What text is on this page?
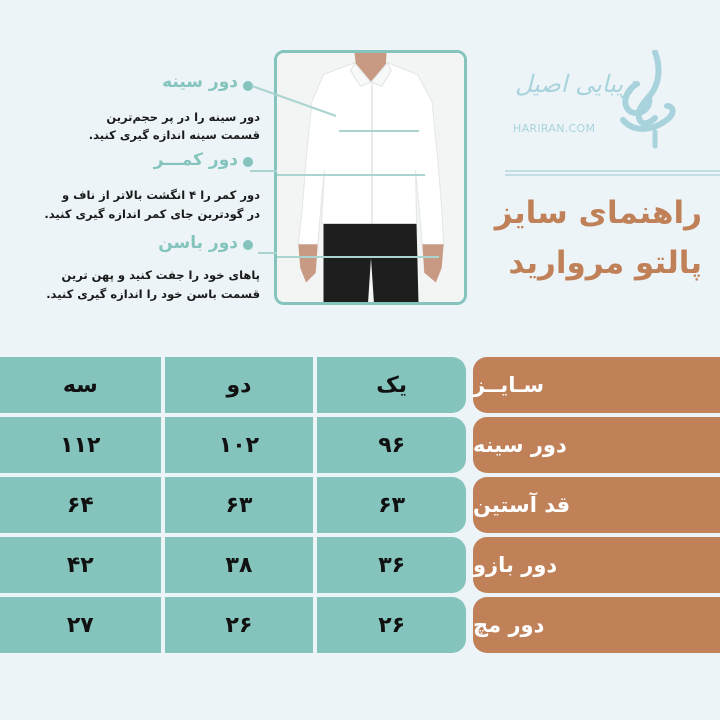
دور سینه
دور سینه را در پر حجم‌ترین
قسمت سینه اندازه گیری کنید.
دور کمـــر
دور کمر را ۴ انگشت بالاتر از ناف و
در گودترین جای کمر اندازه گیری کنید.
دور باسن
پاهای خود را جفت کنید و پهن ترین
قسمت باسن خود را اندازه گیری کنید.
زیبایی اصیل
HARIRAN.COM
راهنمای سایز
پالتو مروارید
سه	دو	یک	سـایــز
۱۱۲	۱۰۲	۹۶	دور سینه
۶۴	۶۳	۶۳	قد آستین
۴۲	۳۸	۳۶	دور بازو
۲۷	۲۶	۲۶	دور مچ
